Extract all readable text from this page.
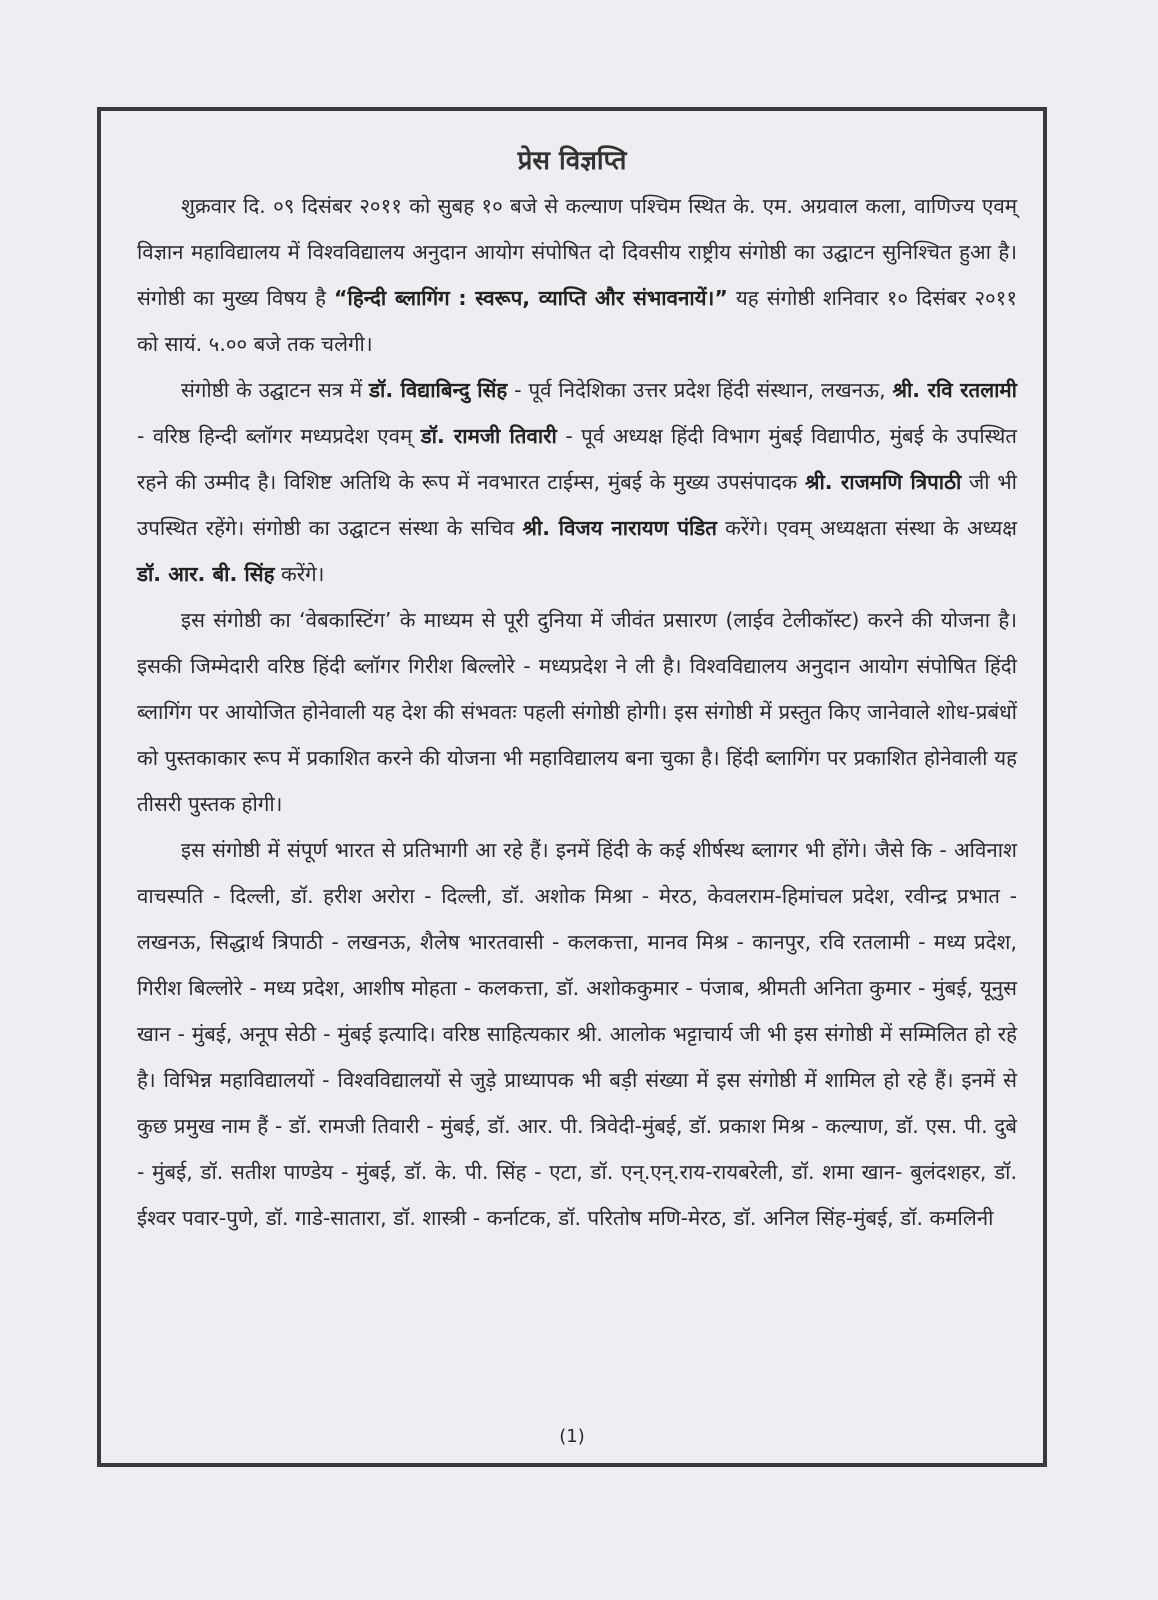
प्रेस विज्ञप्ति

शुक्रवार दि. ०९ दिसंबर २०११ को सुबह १० बजे से कल्याण पश्चिम स्थित के. एम. अग्रवाल कला, वाणिज्य एवम् विज्ञान महाविद्यालय में विश्वविद्यालय अनुदान आयोग संपोषित दो दिवसीय राष्ट्रीय संगोष्ठी का उद्घाटन सुनिश्चित हुआ है। संगोष्ठी का मुख्य विषय है “हिन्दी ब्लागिंग : स्वरूप, व्याप्ति और संभावनायें।” यह संगोष्ठी शनिवार १० दिसंबर २०११ को सायं. ५.०० बजे तक चलेगी।

संगोष्ठी के उद्घाटन सत्र में डॉ. विद्याबिन्दु सिंह - पूर्व निदेशिका उत्तर प्रदेश हिंदी संस्थान, लखनऊ, श्री. रवि रतलामी - वरिष्ठ हिन्दी ब्लॉगर मध्यप्रदेश एवम् डॉ. रामजी तिवारी - पूर्व अध्यक्ष हिंदी विभाग मुंबई विद्यापीठ, मुंबई के उपस्थित रहने की उम्मीद है। विशिष्ट अतिथि के रूप में नवभारत टाईम्स, मुंबई के मुख्य उपसंपादक श्री. राजमणि त्रिपाठी जी भी उपस्थित रहेंगे। संगोष्ठी का उद्घाटन संस्था के सचिव श्री. विजय नारायण पंडित करेंगे। एवम् अध्यक्षता संस्था के अध्यक्ष डॉ. आर. बी. सिंह करेंगे।

इस संगोष्ठी का ‘वेबकास्टिंग’ के माध्यम से पूरी दुनिया में जीवंत प्रसारण (लाईव टेलीकॉस्ट) करने की योजना है। इसकी जिम्मेदारी वरिष्ठ हिंदी ब्लॉगर गिरीश बिल्लोरे - मध्यप्रदेश ने ली है। विश्वविद्यालय अनुदान आयोग संपोषित हिंदी ब्लागिंग पर आयोजित होनेवाली यह देश की संभवतः पहली संगोष्ठी होगी। इस संगोष्ठी में प्रस्तुत किए जानेवाले शोध-प्रबंधों को पुस्तकाकार रूप में प्रकाशित करने की योजना भी महाविद्यालय बना चुका है। हिंदी ब्लागिंग पर प्रकाशित होनेवाली यह तीसरी पुस्तक होगी।

इस संगोष्ठी में संपूर्ण भारत से प्रतिभागी आ रहे हैं। इनमें हिंदी के कई शीर्षस्थ ब्लागर भी होंगे। जैसे कि - अविनाश वाचस्पति - दिल्ली, डॉ. हरीश अरोरा - दिल्ली, डॉ. अशोक मिश्रा - मेरठ, केवलराम-हिमांचल प्रदेश, रवीन्द्र प्रभात - लखनऊ, सिद्धार्थ त्रिपाठी - लखनऊ, शैलेष भारतवासी - कलकत्ता, मानव मिश्र - कानपुर, रवि रतलामी - मध्य प्रदेश, गिरीश बिल्लोरे - मध्य प्रदेश, आशीष मोहता - कलकत्ता, डॉ. अशोककुमार - पंजाब, श्रीमती अनिता कुमार - मुंबई, यूनुस खान - मुंबई, अनूप सेठी - मुंबई इत्यादि। वरिष्ठ साहित्यकार श्री. आलोक भट्टाचार्य जी भी इस संगोष्ठी में सम्मिलित हो रहे है। विभिन्न महाविद्यालयों - विश्वविद्यालयों से जुड़े प्राध्यापक भी बड़ी संख्या में इस संगोष्ठी में शामिल हो रहे हैं। इनमें से कुछ प्रमुख नाम हैं - डॉ. रामजी तिवारी - मुंबई, डॉ. आर. पी. त्रिवेदी-मुंबई, डॉ. प्रकाश मिश्र - कल्याण, डॉ. एस. पी. दुबे - मुंबई, डॉ. सतीश पाण्डेय - मुंबई, डॉ. के. पी. सिंह - एटा, डॉ. एन्.एन्.राय-रायबरेली, डॉ. शमा खान- बुलंदशहर, डॉ. ईश्वर पवार-पुणे, डॉ. गाडे-सातारा, डॉ. शास्त्री - कर्नाटक, डॉ. परितोष मणि-मेरठ, डॉ. अनिल सिंह-मुंबई, डॉ. कमलिनी

(1)
